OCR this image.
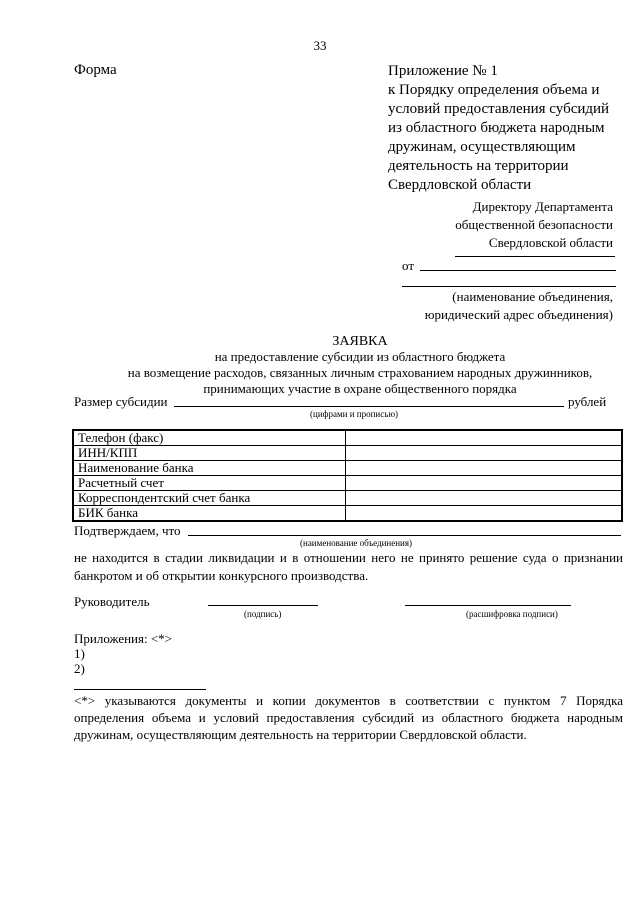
33
Форма	Приложение № 1
к Порядку определения объема и
условий предоставления субсидий
из областного бюджета народным
дружинам, осуществляющим
деятельность на территории
Свердловской области
Директору Департамента
общественной безопасности
Свердловской области
от
(наименование объединения,
юридический адрес объединения)
ЗАЯВКА
на предоставление субсидии из областного бюджета
на возмещение расходов, связанных личным страхованием народных дружинников,
принимающих участие в охране общественного порядка
Размер субсидии	рублей
(цифрами и прописью)
Телефон (факс)	
ИНН/КПП	
Наименование банка	
Расчетный счет	
Корреспондентский счет банка	
БИК банка	
Подтверждаем, что
(наименование объединения)
не находится в стадии ликвидации и в отношении него не принято решение суда о признании банкротом и об открытии конкурсного производства.
Руководитель
(подпись)	(расшифровка подписи)
Приложения: <*>
1)
2)
<*> указываются документы и копии документов в соответствии с пунктом 7 Порядка определения объема и условий предоставления субсидий из областного бюджета народным дружинам, осуществляющим деятельность на территории Свердловской области.
